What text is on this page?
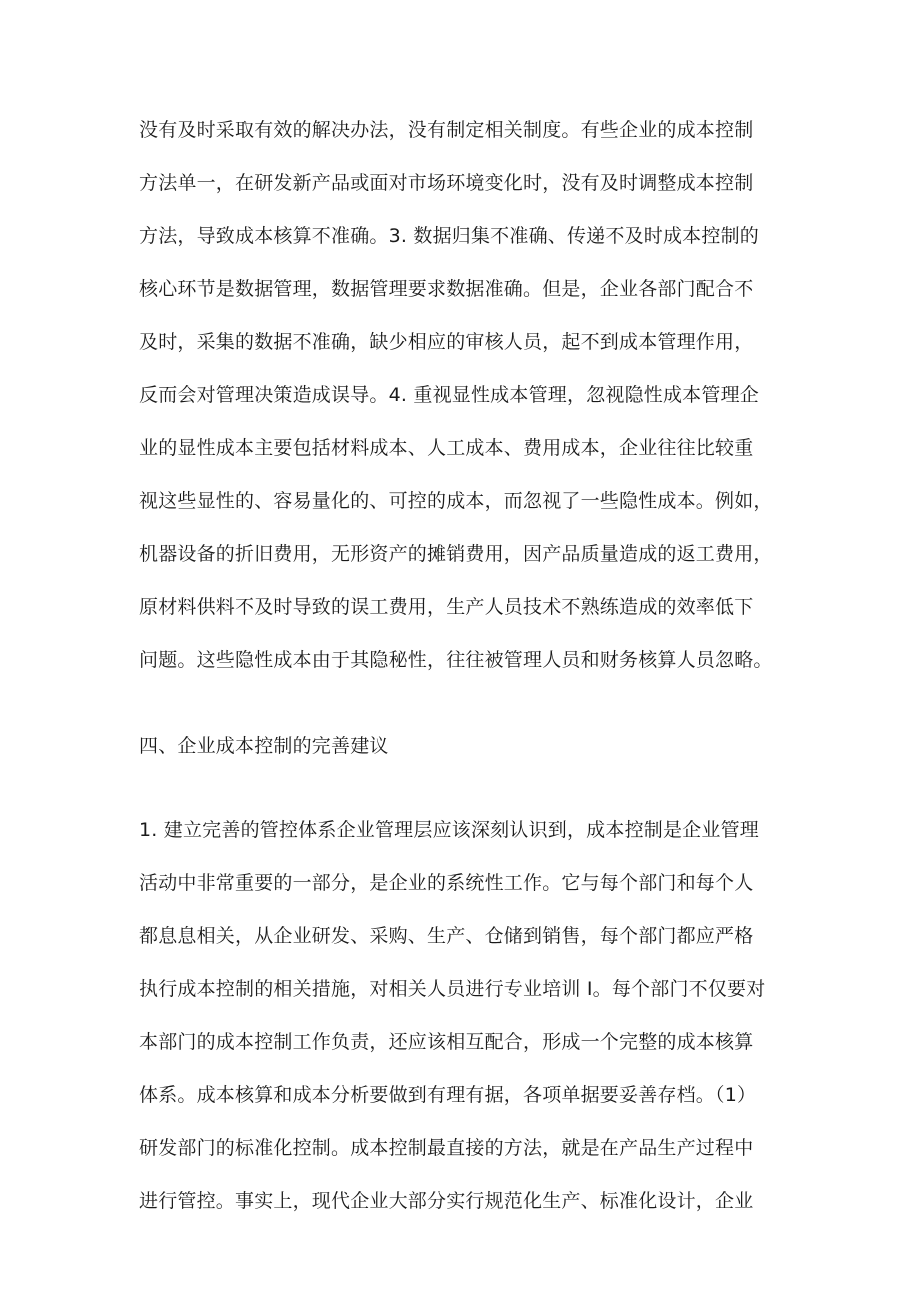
没有及时采取有效的解决办法，没有制定相关制度。有些企业的成本控制
方法单一，在研发新产品或面对市场环境变化时，没有及时调整成本控制
方法，导致成本核算不准确。3. 数据归集不准确、传递不及时成本控制的
核心环节是数据管理，数据管理要求数据准确。但是，企业各部门配合不
及时，采集的数据不准确，缺少相应的审核人员，起不到成本管理作用，
反而会对管理决策造成误导。4. 重视显性成本管理，忽视隐性成本管理企
业的显性成本主要包括材料成本、人工成本、费用成本，企业往往比较重
视这些显性的、容易量化的、可控的成本，而忽视了一些隐性成本。例如，
机器设备的折旧费用，无形资产的摊销费用，因产品质量造成的返工费用，
原材料供料不及时导致的误工费用，生产人员技术不熟练造成的效率低下
问题。这些隐性成本由于其隐秘性，往往被管理人员和财务核算人员忽略。
四、企业成本控制的完善建议
1. 建立完善的管控体系企业管理层应该深刻认识到，成本控制是企业管理
活动中非常重要的一部分，是企业的系统性工作。它与每个部门和每个人
都息息相关，从企业研发、采购、生产、仓储到销售，每个部门都应严格
执行成本控制的相关措施，对相关人员进行专业培训 I。每个部门不仅要对
本部门的成本控制工作负责，还应该相互配合，形成一个完整的成本核算
体系。成本核算和成本分析要做到有理有据，各项单据要妥善存档。（1）
研发部门的标准化控制。成本控制最直接的方法，就是在产品生产过程中
进行管控。事实上，现代企业大部分实行规范化生产、标准化设计，企业
